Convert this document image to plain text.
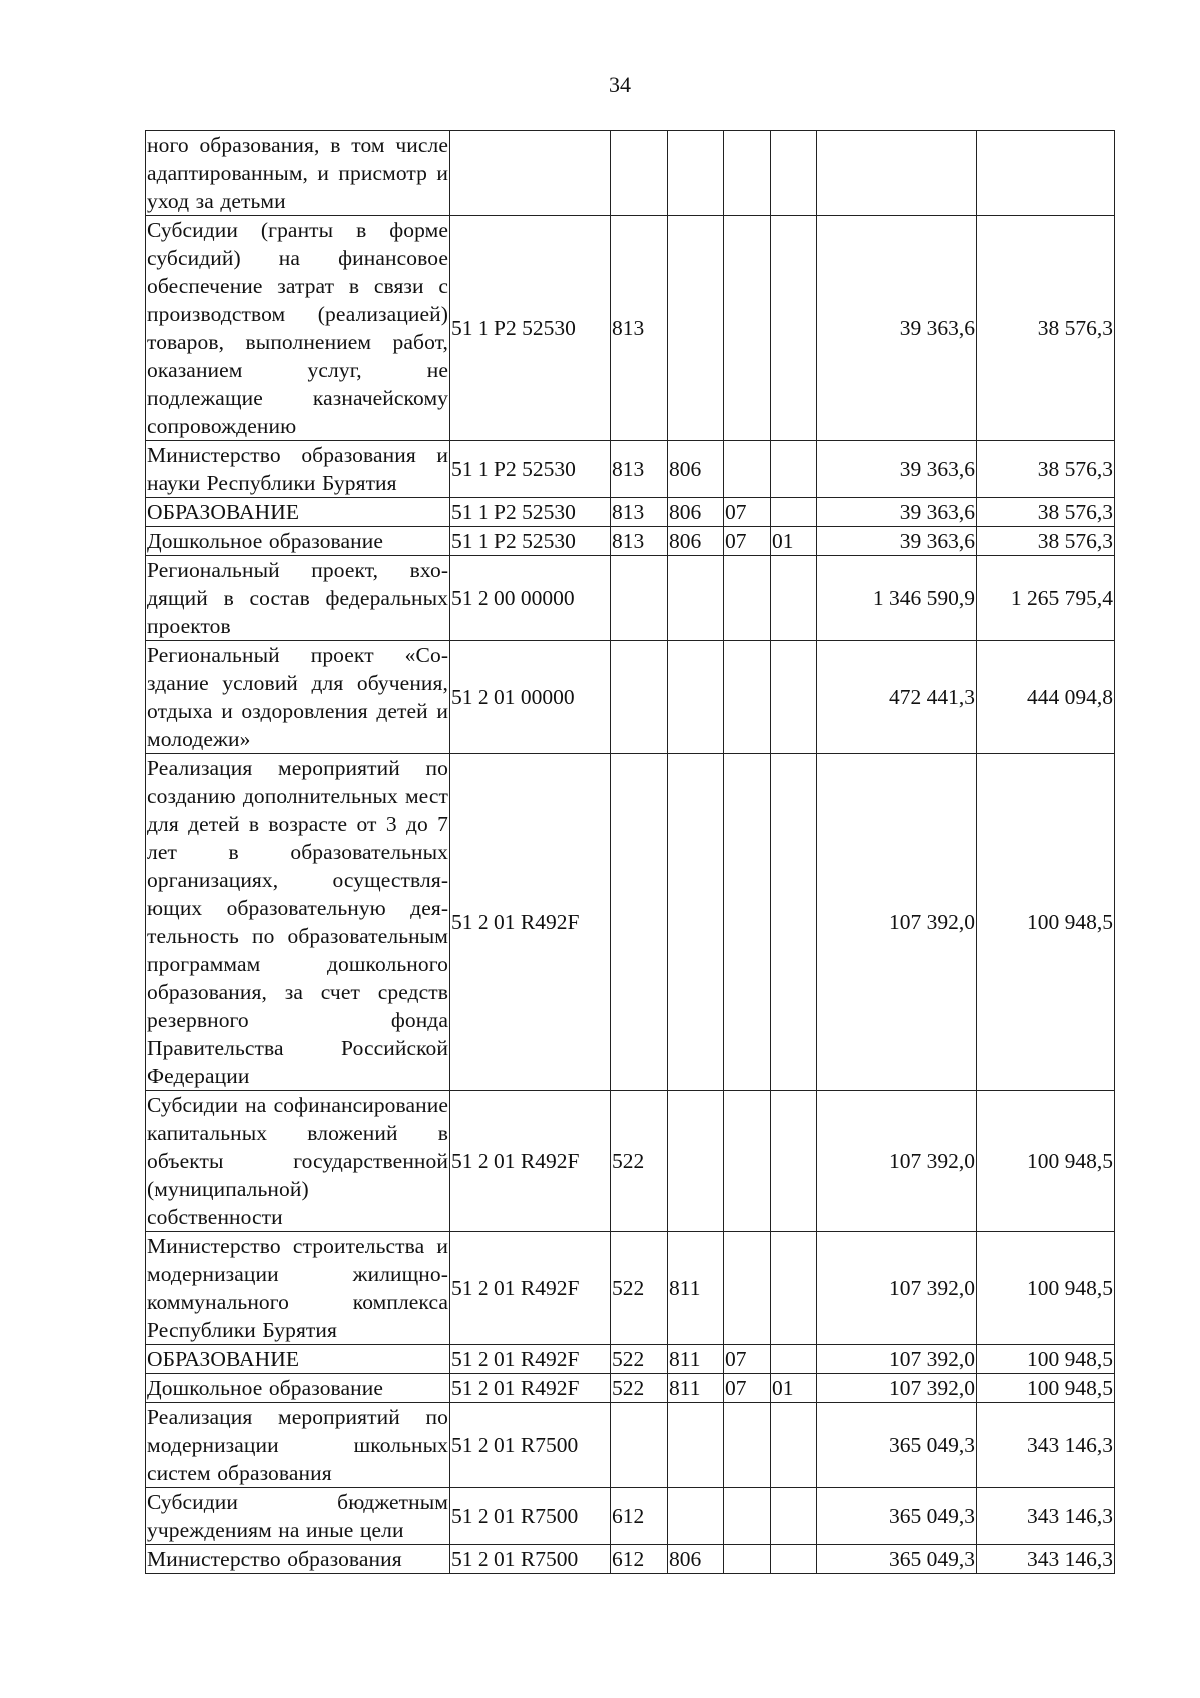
34
ного образования, в том числе адаптированным, и присмотр и уход за детьми							
Субсидии (гранты в форме субсидий) на финансовое обеспечение затрат в связи с производством (реализацией) товаров, выполнением работ, оказанием услуг, не подлежащие казначейскому сопровождению	51 1 P2 52530	813				39 363,6	38 576,3
Министерство образования и науки Республики Бурятия	51 1 P2 52530	813	806			39 363,6	38 576,3
ОБРАЗОВАНИЕ	51 1 P2 52530	813	806	07		39 363,6	38 576,3
Дошкольное образование	51 1 P2 52530	813	806	07	01	39 363,6	38 576,3
Региональный проект, входящий в состав федеральных проектов	51 2 00 00000					1 346 590,9	1 265 795,4
Региональный проект «Создание условий для обучения, отдыха и оздоровления детей и молодежи»	51 2 01 00000					472 441,3	444 094,8
Реализация мероприятий по созданию дополнительных мест для детей в возрасте от 3 до 7 лет в образовательных организациях, осуществляющих образовательную деятельность по образовательным программам дошкольного образования, за счет средств резервного фонда Правительства Российской Федерации	51 2 01 R492F					107 392,0	100 948,5
Субсидии на софинансирование капитальных вложений в объекты государственной (муниципальной) собственности	51 2 01 R492F	522				107 392,0	100 948,5
Министерство строительства и модернизации жилищно-коммунального комплекса Республики Бурятия	51 2 01 R492F	522	811			107 392,0	100 948,5
ОБРАЗОВАНИЕ	51 2 01 R492F	522	811	07		107 392,0	100 948,5
Дошкольное образование	51 2 01 R492F	522	811	07	01	107 392,0	100 948,5
Реализация мероприятий по модернизации школьных систем образования	51 2 01 R7500					365 049,3	343 146,3
Субсидии бюджетным учреждениям на иные цели	51 2 01 R7500	612				365 049,3	343 146,3
Министерство образования	51 2 01 R7500	612	806			365 049,3	343 146,3
